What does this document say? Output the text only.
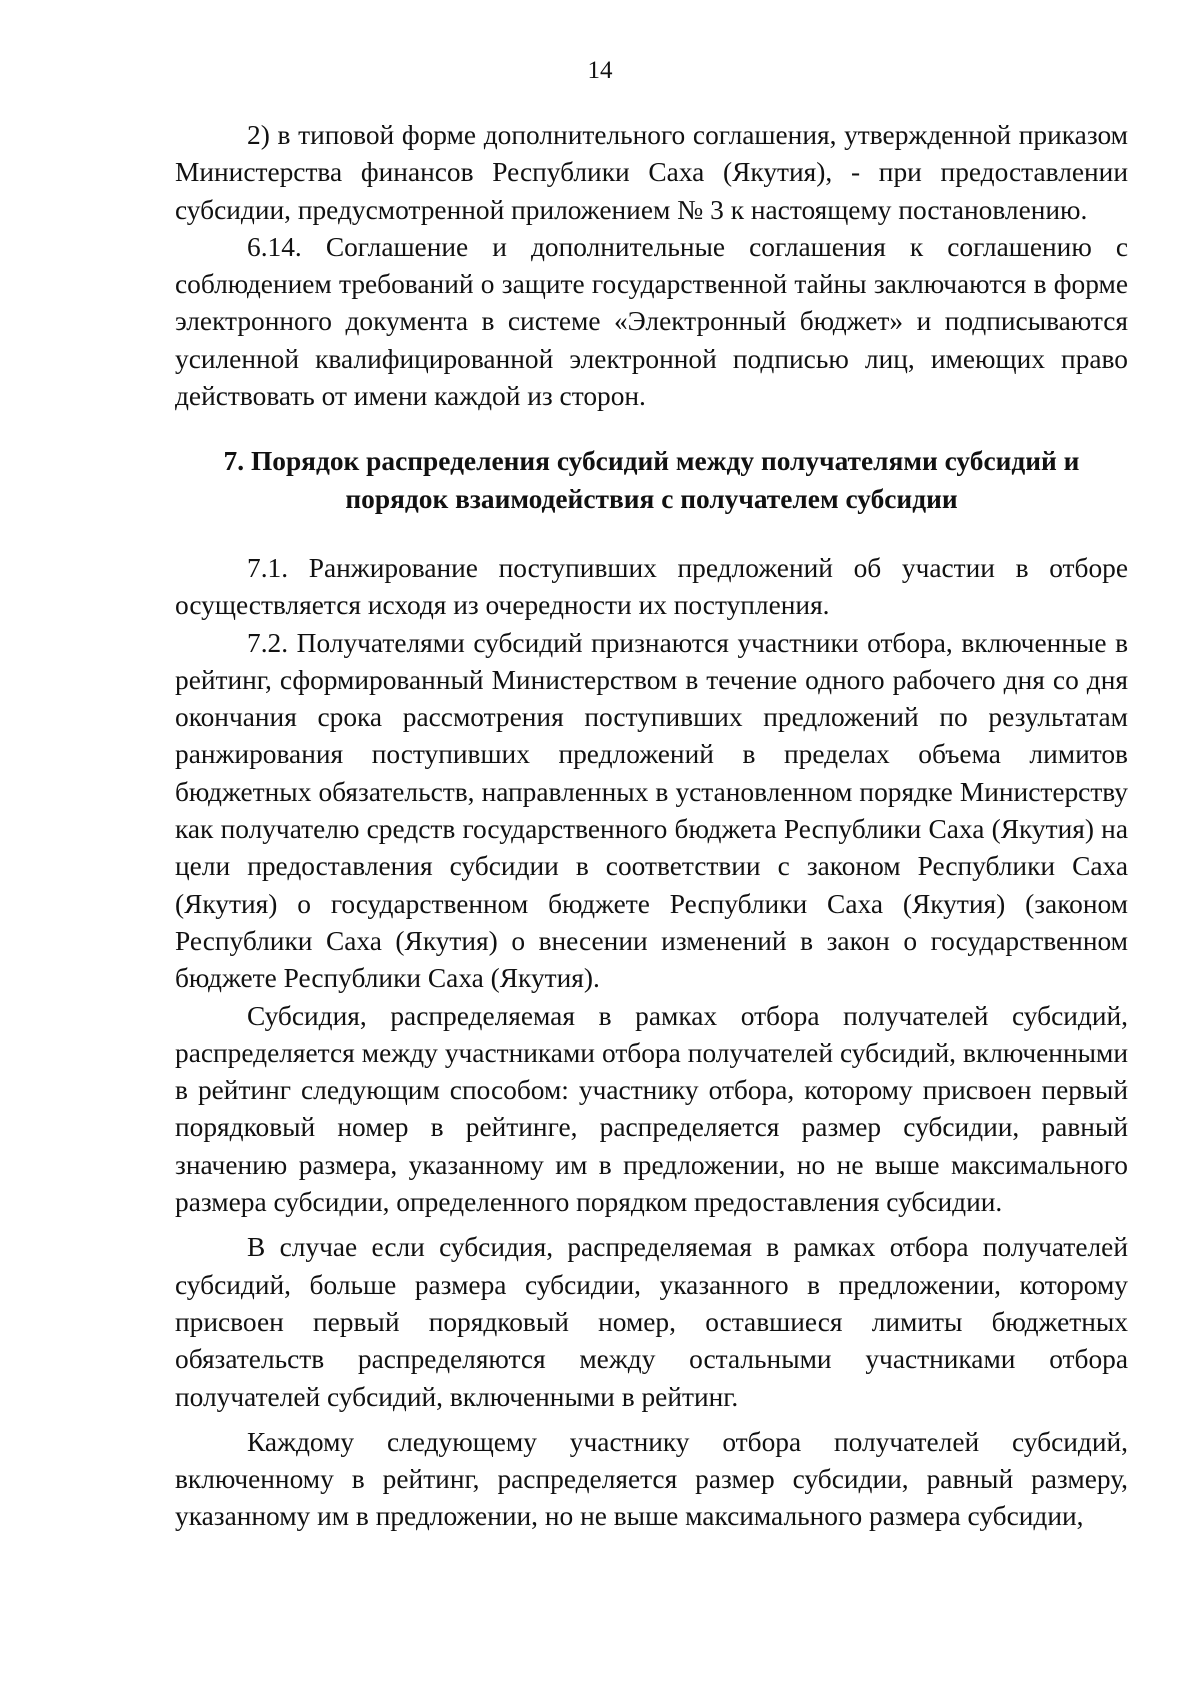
14

2) в типовой форме дополнительного соглашения, утвержденной приказом Министерства финансов Республики Саха (Якутия), - при предоставлении субсидии, предусмотренной приложением № 3 к настоящему постановлению.

6.14. Соглашение и дополнительные соглашения к соглашению с соблюдением требований о защите государственной тайны заключаются в форме электронного документа в системе «Электронный бюджет» и подписываются усиленной квалифицированной электронной подписью лиц, имеющих право действовать от имени каждой из сторон.

7. Порядок распределения субсидий между получателями субсидий и
порядок взаимодействия с получателем субсидии

7.1. Ранжирование поступивших предложений об участии в отборе осуществляется исходя из очередности их поступления.

7.2. Получателями субсидий признаются участники отбора, включенные в рейтинг, сформированный Министерством в течение одного рабочего дня со дня окончания срока рассмотрения поступивших предложений по результатам ранжирования поступивших предложений в пределах объема лимитов бюджетных обязательств, направленных в установленном порядке Министерству как получателю средств государственного бюджета Республики Саха (Якутия) на цели предоставления субсидии в соответствии с законом Республики Саха (Якутия) о государственном бюджете Республики Саха (Якутия) (законом Республики Саха (Якутия) о внесении изменений в закон о государственном бюджете Республики Саха (Якутия).

Субсидия, распределяемая в рамках отбора получателей субсидий, распределяется между участниками отбора получателей субсидий, включенными в рейтинг следующим способом: участнику отбора, которому присвоен первый порядковый номер в рейтинге, распределяется размер субсидии, равный значению размера, указанному им в предложении, но не выше максимального размера субсидии, определенного порядком предоставления субсидии.

В случае если субсидия, распределяемая в рамках отбора получателей субсидий, больше размера субсидии, указанного в предложении, которому присвоен первый порядковый номер, оставшиеся лимиты бюджетных обязательств распределяются между остальными участниками отбора получателей субсидий, включенными в рейтинг.

Каждому следующему участнику отбора получателей субсидий, включенному в рейтинг, распределяется размер субсидии, равный размеру, указанному им в предложении, но не выше максимального размера субсидии,
